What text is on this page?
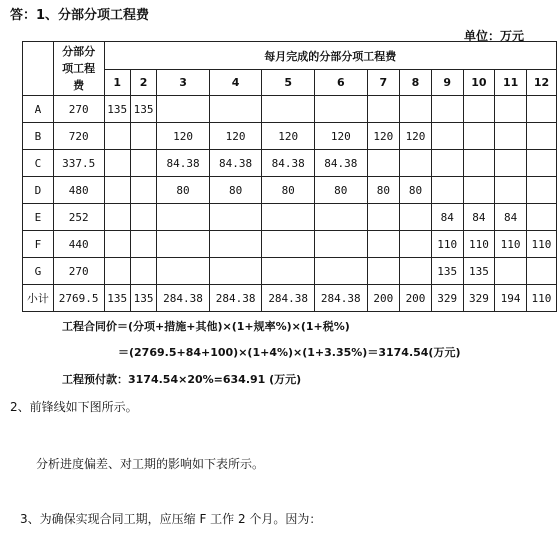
答：1、分部分项工程费
单位：万元
	分部分项工程费	每月完成的分部分项工程费											
		1	2	3	4	5	6	7	8	9	10	11	12
A	270	135	135										
B	720			120	120	120	120	120	120				
C	337.5			84.38	84.38	84.38	84.38						
D	480			80	80	80	80	80	80				
E	252									84	84	84	
F	440									110	110	110	110
G	270									135	135		
小计	2769.5	135	135	284.38	284.38	284.38	284.38	200	200	329	329	194	110
工程合同价＝(分项+措施+其他)×(1+规率%)×(1+税%)
＝(2769.5+84+100)×(1+4%)×(1+3.35%)＝3174.54(万元)
工程预付款：3174.54×20%=634.91 (万元)
2、前锋线如下图所示。
分析进度偏差、对工期的影响如下表所示。
3、为确保实现合同工期，应压缩 F 工作 2 个月。因为：
